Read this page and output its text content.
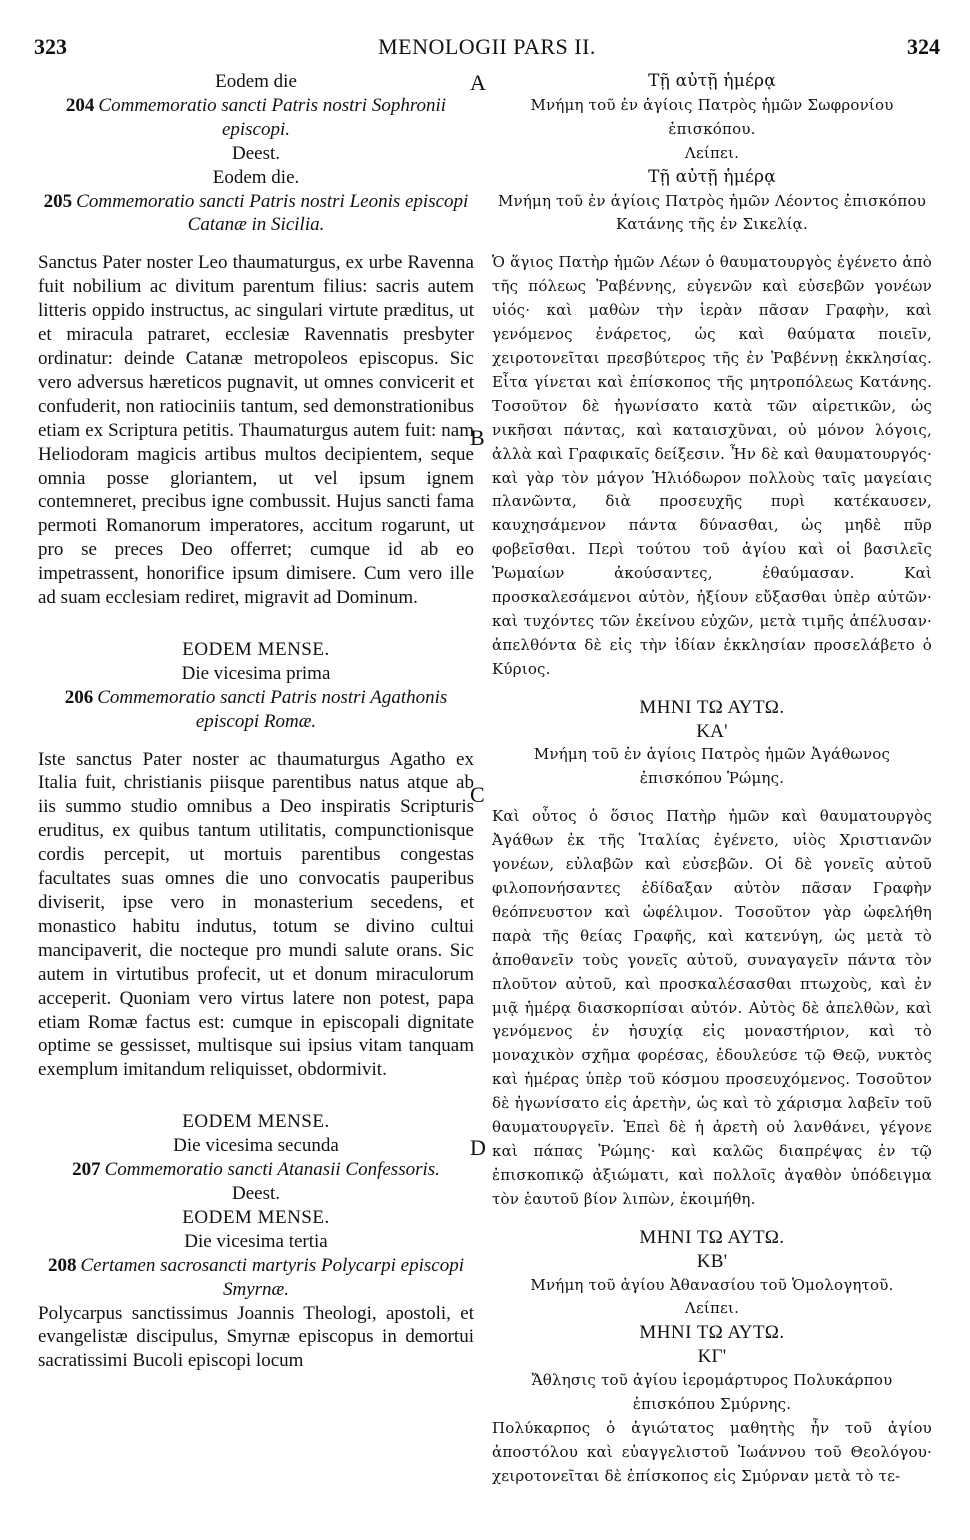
323	MENOLOGII PARS II.	324
A
B
C
D

Eodem die

204 Commemoratio sancti Patris nostri Sophronii episcopi.

Deest.

Eodem die.

205 Commemoratio sancti Patris nostri Leonis episcopi Catanæ in Sicilia.

Sanctus Pater noster Leo thaumaturgus, ex urbe Ravenna fuit nobilium ac divitum parentum filius: sacris autem litteris oppido instructus, ac singulari virtute præditus, ut et miracula patraret, ecclesiæ Ravennatis presbyter ordinatur: deinde Catanæ metropoleos episcopus. Sic vero adversus hæreticos pugnavit, ut omnes convicerit et confuderit, non ratiociniis tantum, sed demonstrationibus etiam ex Scriptura petitis. Thaumaturgus autem fuit: nam Heliodoram magicis artibus multos decipientem, seque omnia posse gloriantem, ut vel ipsum ignem contemneret, precibus igne combussit. Hujus sancti fama permoti Romanorum imperatores, accitum rogarunt, ut pro se preces Deo offerret; cumque id ab eo impetrassent, honorifice ipsum dimisere. Cum vero ille ad suam ecclesiam rediret, migravit ad Dominum.

EODEM MENSE.

Die vicesima prima

206 Commemoratio sancti Patris nostri Agathonis episcopi Romæ.

Iste sanctus Pater noster ac thaumaturgus Agatho ex Italia fuit, christianis piisque parentibus natus atque ab iis summo studio omnibus a Deo inspiratis Scripturis eruditus, ex quibus tantum utilitatis, compunctionisque cordis percepit, ut mortuis parentibus congestas facultates suas omnes die uno convocatis pauperibus diviserit, ipse vero in monasterium secedens, et monastico habitu indutus, totum se divino cultui mancipaverit, die nocteque pro mundi salute orans. Sic autem in virtutibus profecit, ut et donum miraculorum acceperit. Quoniam vero virtus latere non potest, papa etiam Romæ factus est: cumque in episcopali dignitate optime se gessisset, multisque sui ipsius vitam tanquam exemplum imitandum reliquisset, obdormivit.

EODEM MENSE.

Die vicesima secunda

207 Commemoratio sancti Atanasii Confessoris.

Deest.

EODEM MENSE.

Die vicesima tertia

208 Certamen sacrosancti martyris Polycarpi episcopi Smyrnæ.

Polycarpus sanctissimus Joannis Theologi, apostoli, et evangelistæ discipulus, Smyrnæ episcopus in demortui sacratissimi Bucoli episcopi locum

Τῇ αὐτῇ ἡμέρᾳ

Μνήμη τοῦ ἐν ἁγίοις Πατρὸς ἡμῶν Σωφρονίου ἐπισκόπου.

Λείπει.

Τῇ αὐτῇ ἡμέρᾳ

Μνήμη τοῦ ἐν ἁγίοις Πατρὸς ἡμῶν Λέοντος ἐπισκόπου Κατάνης τῆς ἐν Σικελίᾳ.

Ὁ ἅγιος Πατὴρ ἡμῶν Λέων ὁ θαυματουργὸς ἐγένετο ἀπὸ τῆς πόλεως Ῥαβέννης, εὐγενῶν καὶ εὐσεβῶν γονέων υἱός· καὶ μαθὼν τὴν ἱερὰν πᾶσαν Γραφὴν, καὶ γενόμενος ἐνάρετος, ὡς καὶ θαύματα ποιεῖν, χειροτονεῖται πρεσβύτερος τῆς ἐν Ῥαβέννῃ ἐκκλησίας. Εἶτα γίνεται καὶ ἐπίσκοπος τῆς μητροπόλεως Κατάνης. Τοσοῦτον δὲ ἠγωνίσατο κατὰ τῶν αἱρετικῶν, ὡς νικῆσαι πάντας, καὶ καταισχῦναι, οὐ μόνον λόγοις, ἀλλὰ καὶ Γραφικαῖς δείξεσιν. Ἦν δὲ καὶ θαυματουργός· καὶ γὰρ τὸν μάγον Ἡλιόδωρον πολλοὺς ταῖς μαγείαις πλανῶντα, διὰ προσευχῆς πυρὶ κατέκαυσεν, καυχησάμενον πάντα δύνασθαι, ὡς μηδὲ πῦρ φοβεῖσθαι. Περὶ τούτου τοῦ ἁγίου καὶ οἱ βασιλεῖς Ῥωμαίων ἀκούσαντες, ἐθαύμασαν. Καὶ προσκαλεσάμενοι αὐτὸν, ἠξίουν εὔξασθαι ὑπὲρ αὐτῶν· καὶ τυχόντες τῶν ἐκείνου εὐχῶν, μετὰ τιμῆς ἀπέλυσαν· ἀπελθόντα δὲ εἰς τὴν ἰδίαν ἐκκλησίαν προσελάβετο ὁ Κύριος.

ΜΗΝΙ ΤΩ ΑΥΤΩ.

ΚΑ'

Μνήμη τοῦ ἐν ἁγίοις Πατρὸς ἡμῶν Ἀγάθωνος ἐπισκόπου Ῥώμης.

Καὶ οὗτος ὁ ὅσιος Πατὴρ ἡμῶν καὶ θαυματουργὸς Ἀγάθων ἐκ τῆς Ἰταλίας ἐγένετο, υἱὸς Χριστιανῶν γονέων, εὐλαβῶν καὶ εὐσεβῶν. Οἱ δὲ γονεῖς αὐτοῦ φιλοπονήσαντες ἐδίδαξαν αὐτὸν πᾶσαν Γραφὴν θεόπνευστον καὶ ὠφέλιμον. Τοσοῦτον γὰρ ὠφελήθη παρὰ τῆς θείας Γραφῆς, καὶ κατενύγη, ὡς μετὰ τὸ ἀποθανεῖν τοὺς γονεῖς αὐτοῦ, συναγαγεῖν πάντα τὸν πλοῦτον αὐτοῦ, καὶ προσκαλέσασθαι πτωχοὺς, καὶ ἐν μιᾷ ἡμέρᾳ διασκορπίσαι αὐτόν. Αὐτὸς δὲ ἀπελθὼν, καὶ γενόμενος ἐν ἡσυχίᾳ εἰς μοναστήριον, καὶ τὸ μοναχικὸν σχῆμα φορέσας, ἐδουλεύσε τῷ Θεῷ, νυκτὸς καὶ ἡμέρας ὑπὲρ τοῦ κόσμου προσευχόμενος. Τοσοῦτον δὲ ἠγωνίσατο εἰς ἀρετὴν, ὡς καὶ τὸ χάρισμα λαβεῖν τοῦ θαυματουργεῖν. Ἐπεὶ δὲ ἡ ἀρετὴ οὐ λανθάνει, γέγονε καὶ πάπας Ῥώμης· καὶ καλῶς διαπρέψας ἐν τῷ ἐπισκοπικῷ ἀξιώματι, καὶ πολλοῖς ἀγαθὸν ὑπόδειγμα τὸν ἑαυτοῦ βίον λιπὼν, ἐκοιμήθη.

ΜΗΝΙ ΤΩ ΑΥΤΩ.

ΚΒ'

Μνήμη τοῦ ἁγίου Ἀθανασίου τοῦ Ὁμολογητοῦ.

Λείπει.

ΜΗΝΙ ΤΩ ΑΥΤΩ.

ΚΓ'

Ἄθλησις τοῦ ἁγίου ἱερομάρτυρος Πολυκάρπου ἐπισκόπου Σμύρνης.

Πολύκαρπος ὁ ἁγιώτατος μαθητὴς ἦν τοῦ ἁγίου ἀποστόλου καὶ εὐαγγελιστοῦ Ἰωάννου τοῦ Θεολόγου· χειροτονεῖται δὲ ἐπίσκοπος εἰς Σμύρναν μετὰ τὸ τε-
